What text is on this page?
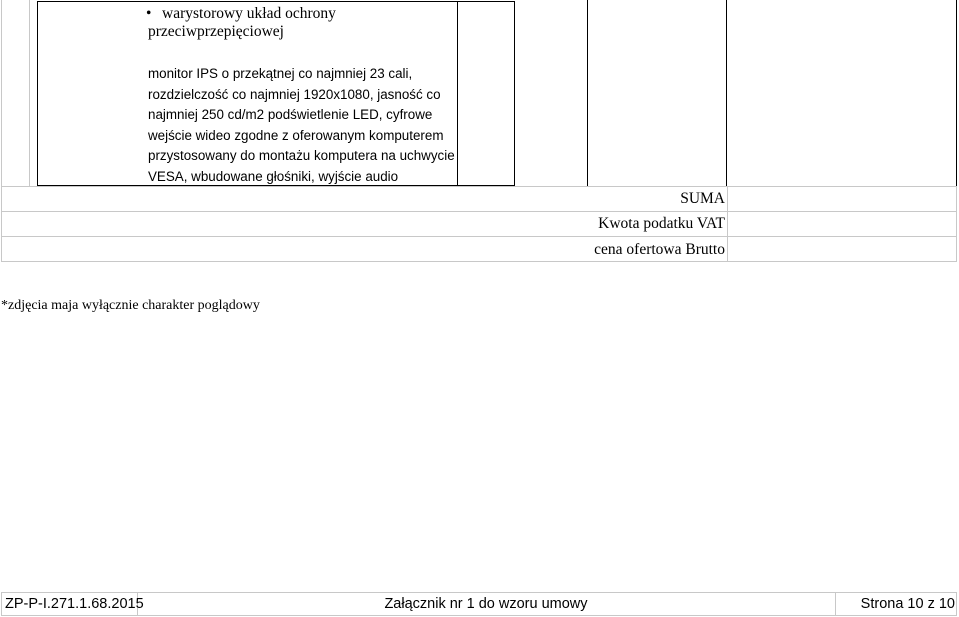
• warystorowy układ ochrony
przeciwprzepięciowej
monitor IPS o przekątnej co najmniej 23 cali,
rozdzielczość co najmniej 1920x1080, jasność co
najmniej 250 cd/m2 podświetlenie LED, cyfrowe
wejście wideo zgodne z oferowanym komputerem
przystosowany do montażu komputera na uchwycie
VESA, wbudowane głośniki, wyjście audio
SUMA
Kwota podatku VAT
cena ofertowa Brutto
*zdjęcia maja wyłącznie charakter poglądowy
ZP-P-I.271.1.68.2015	Załącznik nr 1 do wzoru umowy	Strona 10 z 10
